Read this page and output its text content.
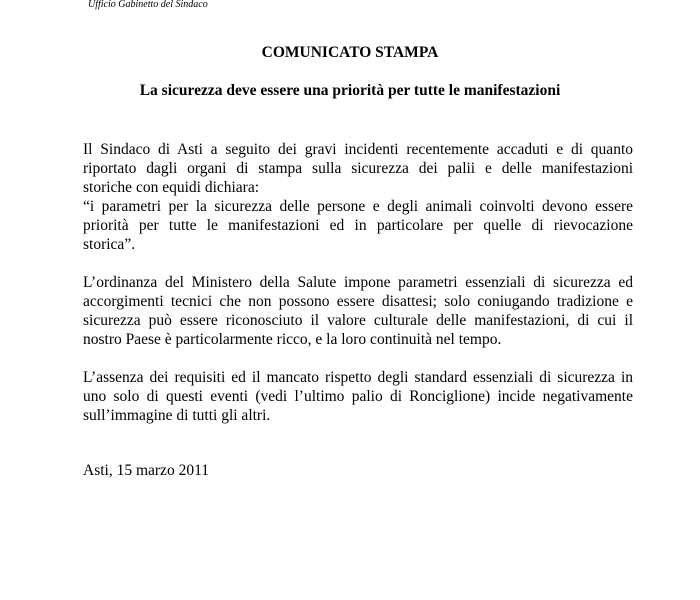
Ufficio Gabinetto del Sindaco
COMUNICATO STAMPA
La sicurezza deve essere una priorità per tutte le manifestazioni
Il Sindaco di Asti a seguito dei gravi incidenti recentemente accaduti e di quanto
riportato dagli organi di stampa sulla sicurezza dei palii e delle manifestazioni
storiche con equidi dichiara:
“i parametri per la sicurezza delle persone e degli animali coinvolti devono essere
priorità per tutte le manifestazioni ed in particolare per quelle di rievocazione
storica”.
L’ordinanza del Ministero della Salute impone parametri essenziali di sicurezza ed
accorgimenti tecnici che non possono essere disattesi; solo coniugando tradizione e
sicurezza può essere riconosciuto il valore culturale delle manifestazioni, di cui il
nostro Paese è particolarmente ricco, e la loro continuità nel tempo.
L’assenza dei requisiti ed il mancato rispetto degli standard essenziali di sicurezza in
uno solo di questi eventi (vedi l’ultimo palio di Ronciglione) incide negativamente
sull’immagine di tutti gli altri.
Asti, 15 marzo 2011
